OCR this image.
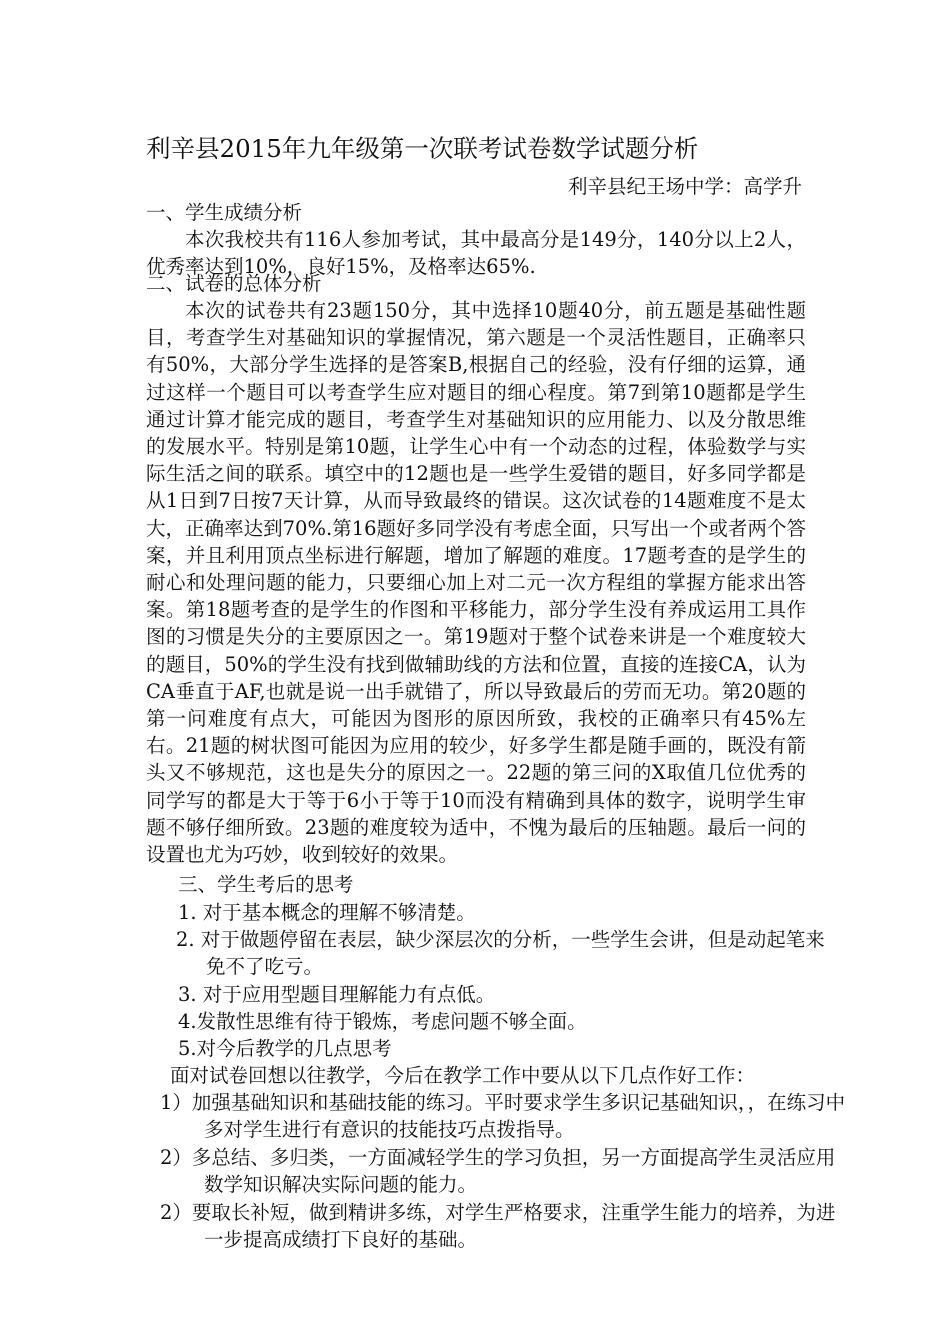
利辛县2015年九年级第一次联考试卷数学试题分析
利辛县纪王场中学：高学升
一、学生成绩分析

本次我校共有116人参加考试，其中最高分是149分，140分以上2人，优秀率达到10%，良好15%，及格率达65%.

二、试卷的总体分析

本次的试卷共有23题150分，其中选择10题40分，前五题是基础性题目，考查学生对基础知识的掌握情况，第六题是一个灵活性题目，正确率只有50%，大部分学生选择的是答案B,根据自己的经验，没有仔细的运算，通过这样一个题目可以考查学生应对题目的细心程度。第7到第10题都是学生通过计算才能完成的题目，考查学生对基础知识的应用能力、以及分散思维的发展水平。特别是第10题，让学生心中有一个动态的过程，体验数学与实际生活之间的联系。填空中的12题也是一些学生爱错的题目，好多同学都是从1日到7日按7天计算，从而导致最终的错误。这次试卷的14题难度不是太大，正确率达到70%.第16题好多同学没有考虑全面，只写出一个或者两个答案，并且利用顶点坐标进行解题，增加了解题的难度。17题考查的是学生的耐心和处理问题的能力，只要细心加上对二元一次方程组的掌握方能求出答案。第18题考查的是学生的作图和平移能力，部分学生没有养成运用工具作图的习惯是失分的主要原因之一。第19题对于整个试卷来讲是一个难度较大的题目，50%的学生没有找到做辅助线的方法和位置，直接的连接CA，认为CA垂直于AF,也就是说一出手就错了，所以导致最后的劳而无功。第20题的第一问难度有点大，可能因为图形的原因所致，我校的正确率只有45%左右。21题的树状图可能因为应用的较少，好多学生都是随手画的，既没有箭头又不够规范，这也是失分的原因之一。22题的第三问的X取值几位优秀的同学写的都是大于等于6小于等于10而没有精确到具体的数字，说明学生审题不够仔细所致。23题的难度较为适中，不愧为最后的压轴题。最后一问的设置也尤为巧妙，收到较好的效果。

三、学生考后的思考
1. 对于基本概念的理解不够清楚。

2. 对于做题停留在表层，缺少深层次的分析，一些学生会讲，但是动起笔来免不了吃亏。

3. 对于应用型题目理解能力有点低。
4.发散性思维有待于锻炼，考虑问题不够全面。
5.对今后教学的几点思考
面对试卷回想以往教学，今后在教学工作中要从以下几点作好工作：

1）加强基础知识和基础技能的练习。平时要求学生多识记基础知识，，在练习中多对学生进行有意识的技能技巧点拨指导。

2）多总结、多归类，一方面减轻学生的学习负担，另一方面提高学生灵活应用数学知识解决实际问题的能力。

2）要取长补短，做到精讲多练，对学生严格要求，注重学生能力的培养，为进一步提高成绩打下良好的基础。
